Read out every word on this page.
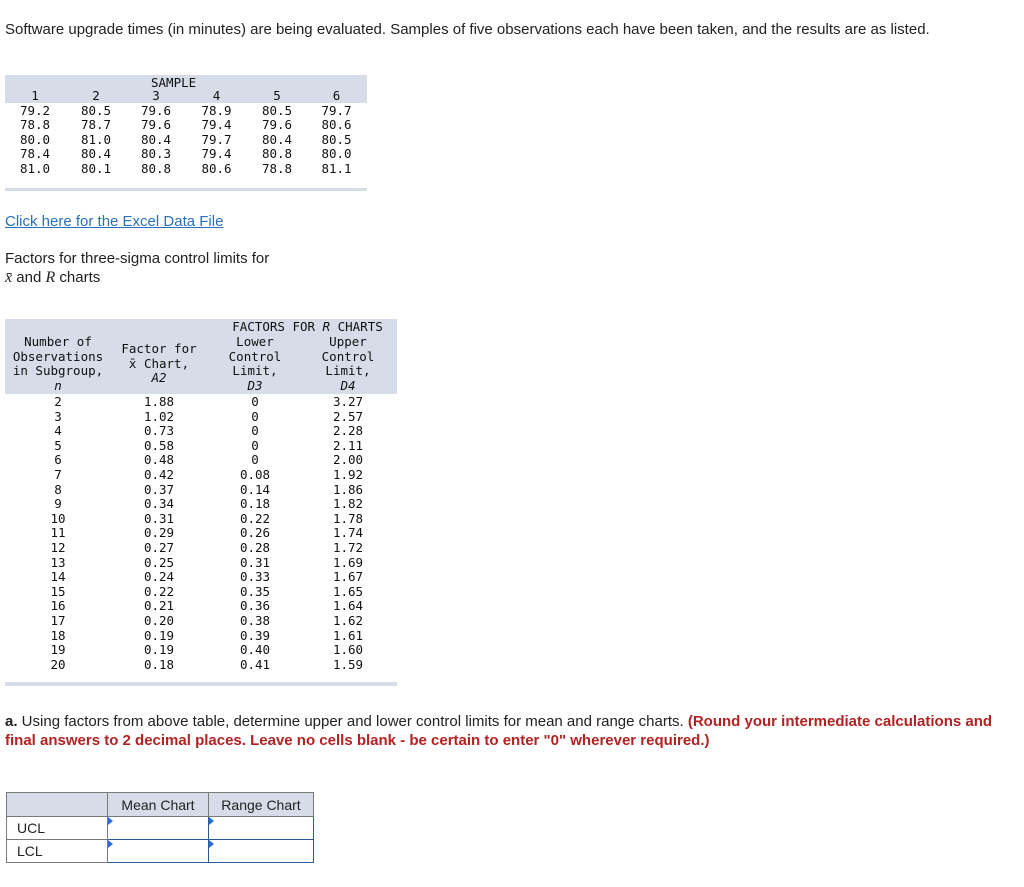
Software upgrade times (in minutes) are being evaluated. Samples of five observations each have been taken, and the results are as listed.

SAMPLE
1	2	3	4	5	6
79.2	80.5	79.6	78.9	80.5	79.7
78.8	78.7	79.6	79.4	79.6	80.6
80.0	81.0	80.4	79.7	80.4	80.5
78.4	80.4	80.3	79.4	80.8	80.0
81.0	80.1	80.8	80.6	78.8	81.1
Click here for the Excel Data File
Factors for three-sigma control limits for
x̄ and R charts
FACTORS FOR R CHARTS
Number of
Observations
in Subgroup,
n
Factor for
x̄ Chart,
A2
Lower
Control
Limit,
D3
Upper
Control
Limit,
D4
2	1.88	0	3.27
3	1.02	0	2.57
4	0.73	0	2.28
5	0.58	0	2.11
6	0.48	0	2.00
7	0.42	0.08	1.92
8	0.37	0.14	1.86
9	0.34	0.18	1.82
10	0.31	0.22	1.78
11	0.29	0.26	1.74
12	0.27	0.28	1.72
13	0.25	0.31	1.69
14	0.24	0.33	1.67
15	0.22	0.35	1.65
16	0.21	0.36	1.64
17	0.20	0.38	1.62
18	0.19	0.39	1.61
19	0.19	0.40	1.60
20	0.18	0.41	1.59
a. Using factors from above table, determine upper and lower control limits for mean and range charts. (Round your intermediate calculations and final answers to 2 decimal places. Leave no cells blank - be certain to enter "0" wherever required.)
	Mean Chart	Range Chart
UCL	

LCL	
